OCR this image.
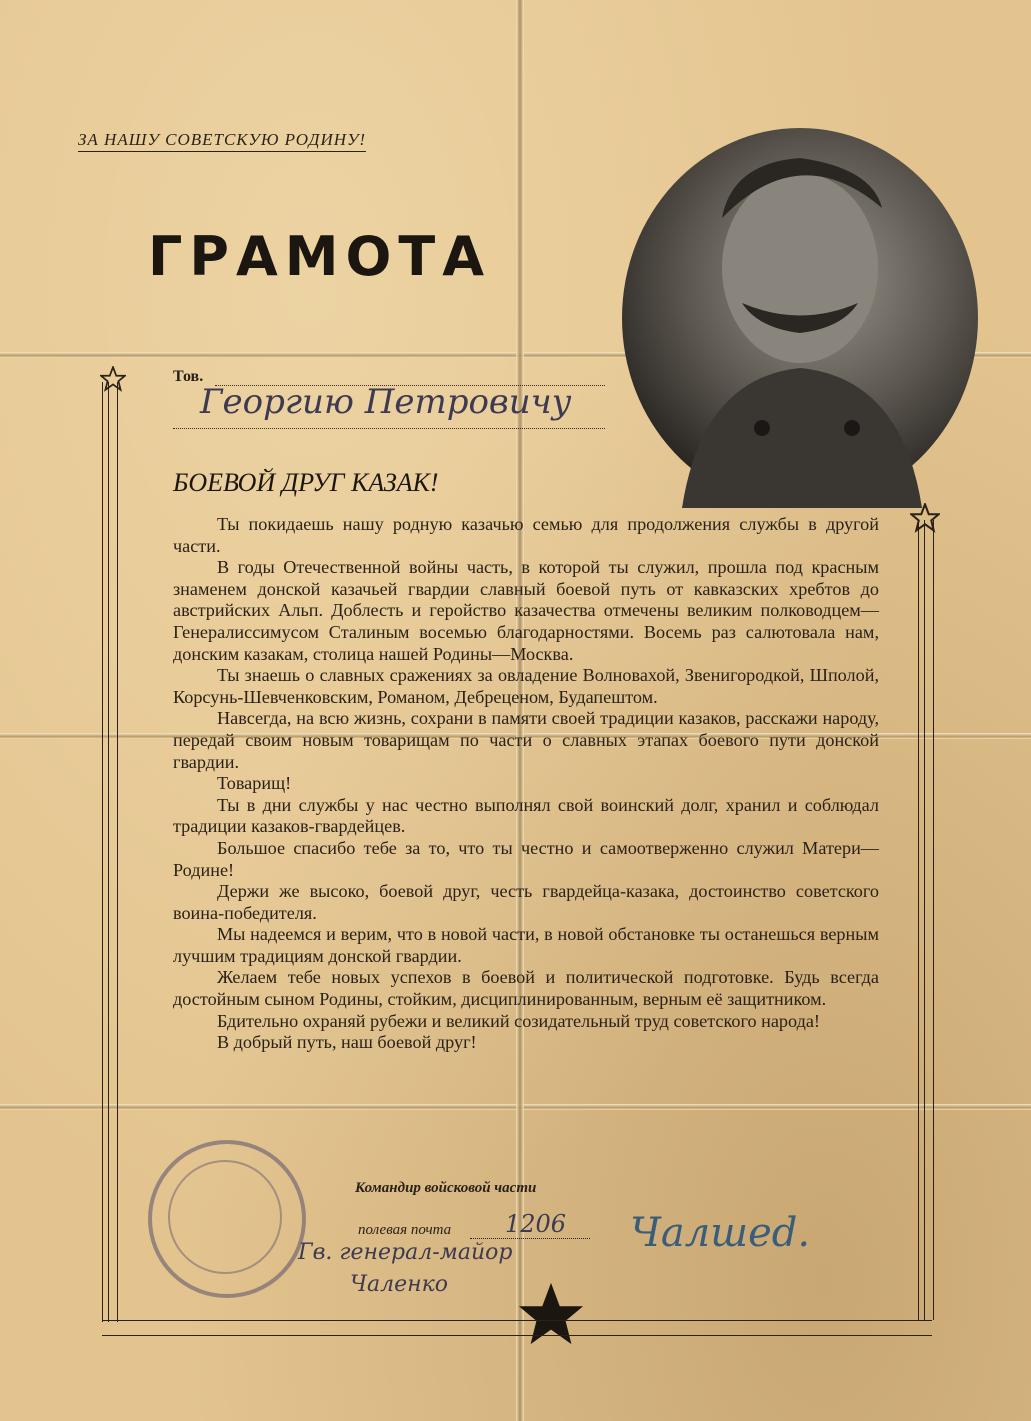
ЗА НАШУ СОВЕТСКУЮ РОДИНУ!
ГРАМОТА
Тов.
Георгию Петровичу
БОЕВОЙ ДРУГ КАЗАК!

Ты покидаешь нашу родную казачью семью для продолжения службы в другой части.

В годы Отечественной войны часть, в которой ты служил, прошла под красным знаменем донской казачьей гвардии славный боевой путь от кавказских хребтов до австрийских Альп. Доблесть и геройство казачества отмечены великим полководцем—Генералиссимусом Сталиным восемью благодарностями. Восемь раз салютовала нам, донским казакам, столица нашей Родины—Москва.

Ты знаешь о славных сражениях за овладение Волновахой, Звенигородкой, Шполой, Корсунь-Шевченковским, Романом, Дебреценом, Будапештом.

Навсегда, на всю жизнь, сохрани в памяти своей традиции казаков, расскажи народу, передай своим новым товарищам по части о славных этапах боевого пути донской гвардии.

Товарищ!

Ты в дни службы у нас честно выполнял свой воинский долг, хранил и соблюдал традиции казаков-гвардейцев.

Большое спасибо тебе за то, что ты честно и самоотверженно служил Матери—Родине!

Держи же высоко, боевой друг, честь гвардейца-казака, достоинство советского воина-победителя.

Мы надеемся и верим, что в новой части, в новой обстановке ты останешься верным лучшим традициям донской гвардии.

Желаем тебе новых успехов в боевой и политической подготовке. Будь всегда достойным сыном Родины, стойким, дисциплинированным, верным её защитником.

Бдительно охраняй рубежи и великий созидательный труд советского народа!

В добрый путь, наш боевой друг!

Командир войсковой части
полевая почта 1206
Гв. генерал-майор
Чаленко
Чалшеd.
